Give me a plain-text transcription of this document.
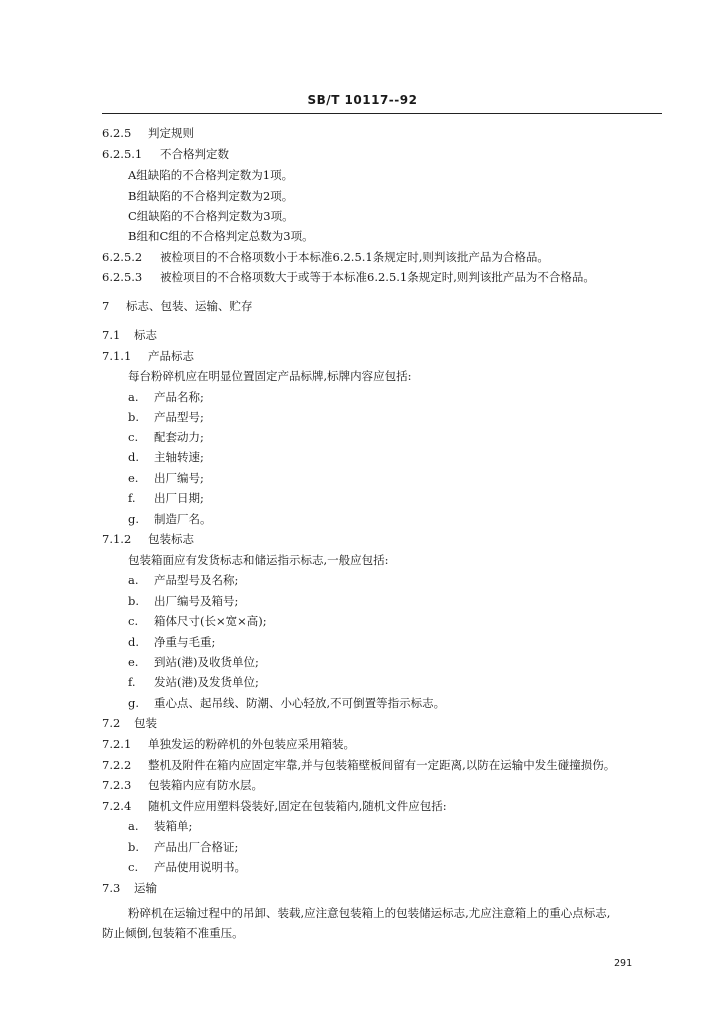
SB/T 10117--92
6.2.5 判定规则
6.2.5.1 不合格判定数
A组缺陷的不合格判定数为1项。
B组缺陷的不合格判定数为2项。
C组缺陷的不合格判定数为3项。
B组和C组的不合格判定总数为3项。
6.2.5.2 被检项目的不合格项数小于本标准6.2.5.1条规定时,则判该批产品为合格品。
6.2.5.3 被检项目的不合格项数大于或等于本标准6.2.5.1条规定时,则判该批产品为不合格品。
7 标志、包装、运输、贮存
7.1 标志
7.1.1 产品标志
每台粉碎机应在明显位置固定产品标牌,标牌内容应包括:
a. 产品名称;
b. 产品型号;
c. 配套动力;
d. 主轴转速;
e. 出厂编号;
f. 出厂日期;
g. 制造厂名。
7.1.2 包装标志
包装箱面应有发货标志和储运指示标志,一般应包括:
a. 产品型号及名称;
b. 出厂编号及箱号;
c. 箱体尺寸(长×宽×高);
d. 净重与毛重;
e. 到站(港)及收货单位;
f. 发站(港)及发货单位;
g. 重心点、起吊线、防潮、小心轻放,不可倒置等指示标志。
7.2 包装
7.2.1 单独发运的粉碎机的外包装应采用箱装。
7.2.2 整机及附件在箱内应固定牢靠,并与包装箱壁板间留有一定距离,以防在运输中发生碰撞损伤。
7.2.3 包装箱内应有防水层。
7.2.4 随机文件应用塑料袋装好,固定在包装箱内,随机文件应包括:
a. 装箱单;
b. 产品出厂合格证;
c. 产品使用说明书。
7.3 运输
粉碎机在运输过程中的吊卸、装载,应注意包装箱上的包装储运标志,尤应注意箱上的重心点标志,
防止倾倒,包装箱不准重压。
291
